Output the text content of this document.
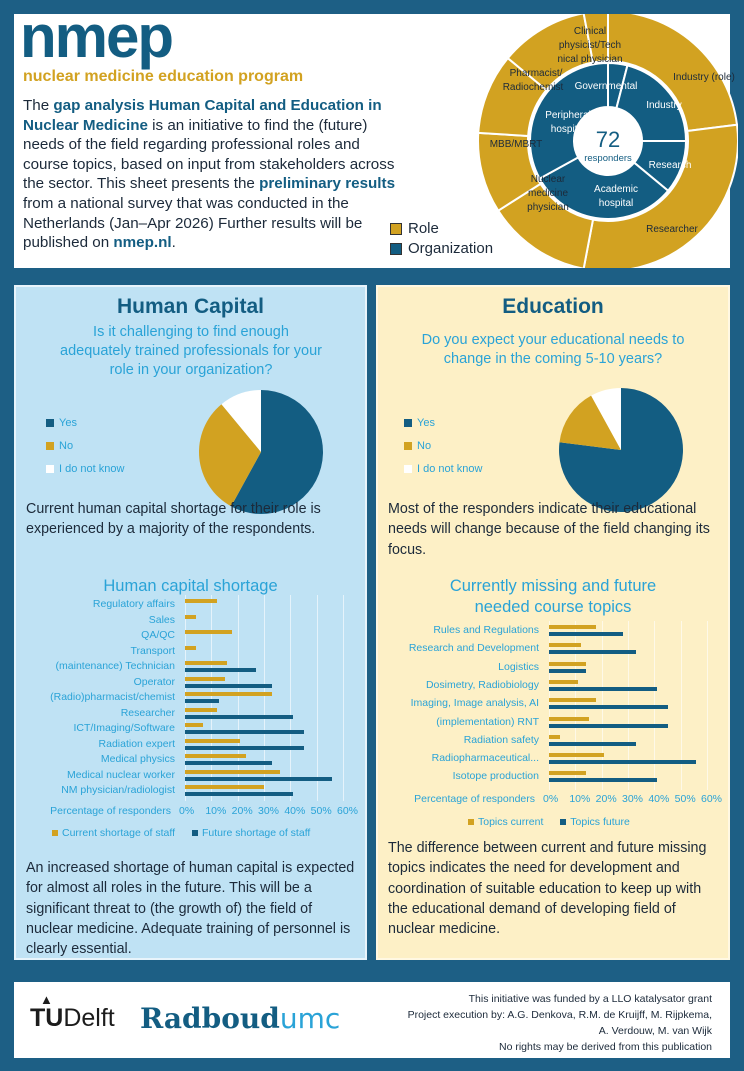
nmep
nuclear medicine education program
The gap analysis Human Capital and Education in Nuclear Medicine is an initiative to find the (future) needs of the field regarding professional roles and course topics, based on input from stakeholders across the sector. This sheet presents the preliminary results from a national survey that was conducted in the Netherlands (Jan–Apr 2026) Further results will be published on nmep.nl.
Role
Organization
Governmental
Industry
Research
Academic
hospital
Peripheral
hospital
Industry (role)
Researcher
Nuclear
medicine
physician
MBB/MBRT
Pharmacist/
Radiochemist
Clinical
physicist/Tech
nical physician
72
responders
Human Capital
Is it challenging to find enough adequately trained professionals for your role in your organization?
Yes
No
I do not know
Current human capital shortage for their role is experienced by a majority of the respondents.
Human capital shortage
Current shortage of staff	Future shortage of staff
An increased shortage of human capital is expected for almost all roles in the future. This will be a significant threat to (the growth of) the field of nuclear medicine. Adequate training of personnel is clearly essential.
Regulatory affairs
Sales
QA/QC
Transport
(maintenance) Technician
Operator
(Radio)pharmacist/chemist
Researcher
ICT/Imaging/Software
Radiation expert
Medical physics
Medical nuclear worker
NM physician/radiologist
0% 10% 20% 30% 40% 50% 60%
Percentage of responders
Education
Do you expect your educational needs to change in the coming 5-10 years?
Yes
No
I do not know
Most of the responders indicate their educational needs will change because of the field changing its focus.
Currently missing and future needed course topics
Topics current	Topics future
The difference between current and future missing topics indicates the need for development and coordination of suitable education to keep up with the educational demand of developing field of nuclear medicine.
Rules and Regulations
Research and Development
Logistics
Dosimetry, Radiobiology
Imaging, Image analysis, AI
(implementation) RNT
Radiation safety
Radiopharmaceutical...
Isotope production
0% 10% 20% 30% 40% 50% 60%
Percentage of responders
▲
TUDelft Radboudumc
This initiative was funded by a LLO katalysator grant
Project execution by: A.G. Denkova, R.M. de Kruijff, M. Rijpkema,
A. Verdouw, M. van Wijk
No rights may be derived from this publication
